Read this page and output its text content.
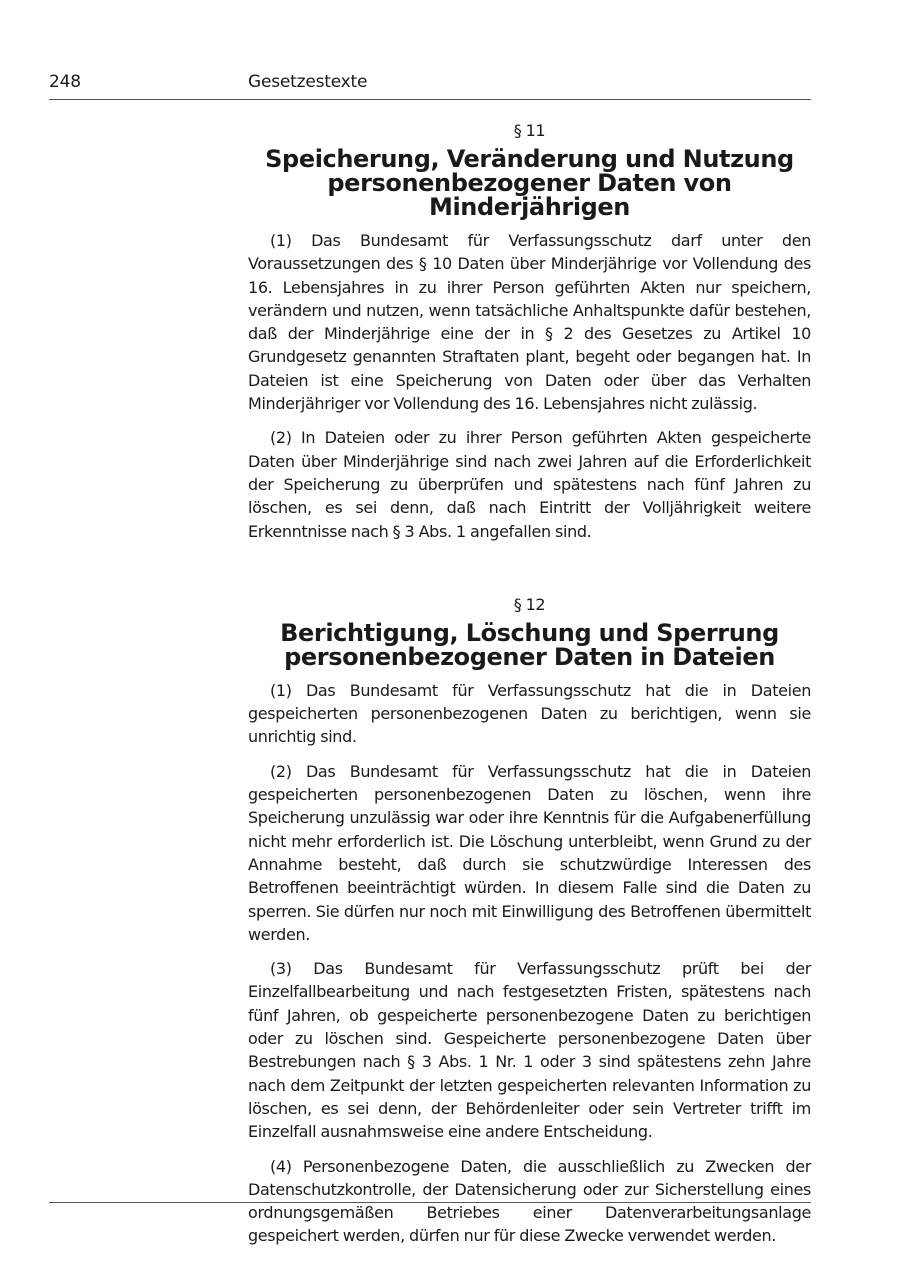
248	Gesetzestexte

§ 11

Speicherung, Veränderung und Nutzung
personenbezogener Daten von Minderjährigen

(1) Das Bundesamt für Verfassungsschutz darf unter den Voraussetzungen des § 10 Daten über Minderjährige vor Vollendung des 16. Lebensjahres in zu ihrer Person geführten Akten nur speichern, verändern und nutzen, wenn tatsächliche Anhaltspunkte dafür bestehen, daß der Minderjährige eine der in § 2 des Gesetzes zu Artikel 10 Grundgesetz genannten Straftaten plant, begeht oder begangen hat. In Dateien ist eine Speicherung von Daten oder über das Verhalten Minderjähriger vor Vollendung des 16. Lebensjahres nicht zulässig.

(2) In Dateien oder zu ihrer Person geführten Akten gespeicherte Daten über Minderjährige sind nach zwei Jahren auf die Erforderlichkeit der Speicherung zu überprüfen und spätestens nach fünf Jahren zu löschen, es sei denn, daß nach Eintritt der Volljährigkeit weitere Erkenntnisse nach § 3 Abs. 1 angefallen sind.

§ 12

Berichtigung, Löschung und Sperrung
personenbezogener Daten in Dateien

(1) Das Bundesamt für Verfassungsschutz hat die in Dateien gespeicherten personenbezogenen Daten zu berichtigen, wenn sie unrichtig sind.

(2) Das Bundesamt für Verfassungsschutz hat die in Dateien gespeicherten personenbezogenen Daten zu löschen, wenn ihre Speicherung unzulässig war oder ihre Kenntnis für die Aufgabenerfüllung nicht mehr erforderlich ist. Die Löschung unterbleibt, wenn Grund zu der Annahme besteht, daß durch sie schutzwürdige Interessen des Betroffenen beeinträchtigt würden. In diesem Falle sind die Daten zu sperren. Sie dürfen nur noch mit Einwilligung des Betroffenen übermittelt werden.

(3) Das Bundesamt für Verfassungsschutz prüft bei der Einzelfallbearbeitung und nach festgesetzten Fristen, spätestens nach fünf Jahren, ob gespeicherte personenbezogene Daten zu berichtigen oder zu löschen sind. Gespeicherte personenbezogene Daten über Bestrebungen nach § 3 Abs. 1 Nr. 1 oder 3 sind spätestens zehn Jahre nach dem Zeitpunkt der letzten gespeicherten relevanten Information zu löschen, es sei denn, der Behördenleiter oder sein Vertreter trifft im Einzelfall ausnahmsweise eine andere Entscheidung.

(4) Personenbezogene Daten, die ausschließlich zu Zwecken der Datenschutzkontrolle, der Datensicherung oder zur Sicherstellung eines ordnungsgemäßen Betriebes einer Datenverarbeitungsanlage gespeichert werden, dürfen nur für diese Zwecke verwendet werden.
